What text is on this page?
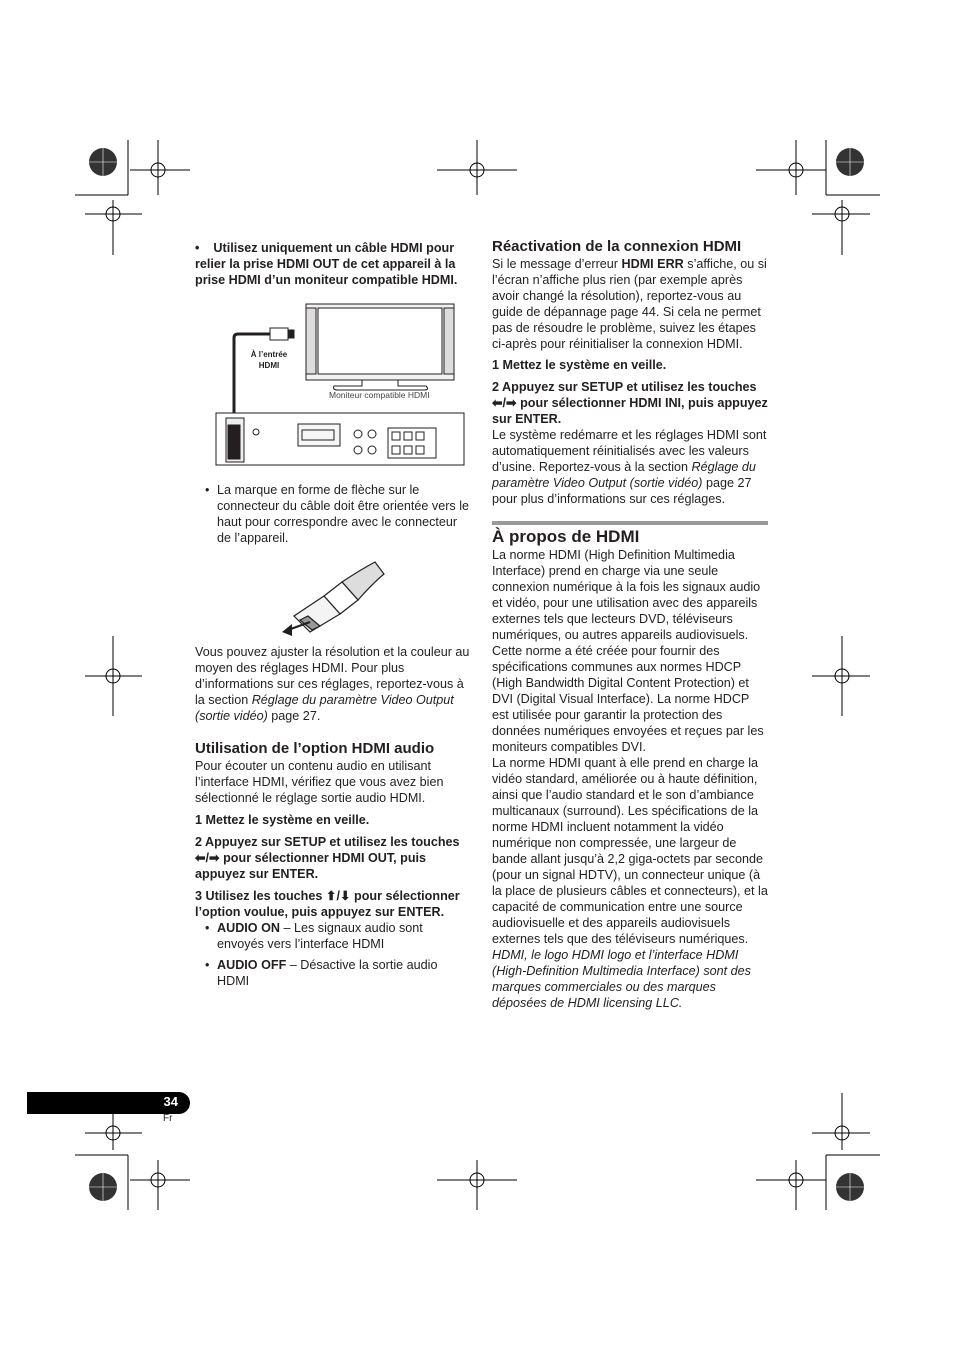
•    Utilisez uniquement un câble HDMI pour relier la prise HDMI OUT de cet appareil à la prise HDMI d’un moniteur compatible HDMI.
À l’entrée
HDMI
Moniteur compatible HDMI
• La marque en forme de flèche sur le connecteur du câble doit être orientée vers le haut pour correspondre avec le connecteur de l’appareil.

Vous pouvez ajuster la résolution et la couleur au moyen des réglages HDMI. Pour plus d’informations sur ces réglages, reportez-vous à la section Réglage du paramètre Video Output (sortie vidéo) page 27.

Utilisation de l’option HDMI audio

Pour écouter un contenu audio en utilisant l’interface HDMI, vérifiez que vous avez bien sélectionné le réglage sortie audio HDMI.

1 Mettez le système en veille.

2 Appuyez sur SETUP et utilisez les touches ⬅/➡ pour sélectionner HDMI OUT, puis appuyez sur ENTER.

3 Utilisez les touches ⬆/⬇ pour sélectionner l’option voulue, puis appuyez sur ENTER.

• AUDIO ON – Les signaux audio sont envoyés vers l’interface HDMI
• AUDIO OFF – Désactive la sortie audio HDMI

Réactivation de la connexion HDMI

Si le message d’erreur HDMI ERR s’affiche, ou si l’écran n’affiche plus rien (par exemple après avoir changé la résolution), reportez-vous au guide de dépannage page 44. Si cela ne permet pas de résoudre le problème, suivez les étapes ci-après pour réinitialiser la connexion HDMI.

1 Mettez le système en veille.

2 Appuyez sur SETUP et utilisez les touches ⬅/➡ pour sélectionner HDMI INI, puis appuyez sur ENTER.

Le système redémarre et les réglages HDMI sont automatiquement réinitialisés avec les valeurs d’usine. Reportez-vous à la section Réglage du paramètre Video Output (sortie vidéo) page 27 pour plus d’informations sur ces réglages.

À propos de HDMI

La norme HDMI (High Definition Multimedia Interface) prend en charge via une seule connexion numérique à la fois les signaux audio et vidéo, pour une utilisation avec des appareils externes tels que lecteurs DVD, téléviseurs numériques, ou autres appareils audiovisuels. Cette norme a été créée pour fournir des spécifications communes aux normes HDCP (High Bandwidth Digital Content Protection) et DVI (Digital Visual Interface). La norme HDCP est utilisée pour garantir la protection des données numériques envoyées et reçues par les moniteurs compatibles DVI.

La norme HDMI quant à elle prend en charge la vidéo standard, améliorée ou à haute définition, ainsi que l’audio standard et le son d’ambiance multicanaux (surround). Les spécifications de la norme HDMI incluent notamment la vidéo numérique non compressée, une largeur de bande allant jusqu’à 2,2 giga-octets par seconde (pour un signal HDTV), un connecteur unique (à la place de plusieurs câbles et connecteurs), et la capacité de communication entre une source audiovisuelle et des appareils audiovisuels externes tels que des téléviseurs numériques.

HDMI, le logo HDMI logo et l’interface HDMI (High-Definition Multimedia Interface) sont des marques commerciales ou des marques déposées de HDMI licensing LLC.

34
Fr
